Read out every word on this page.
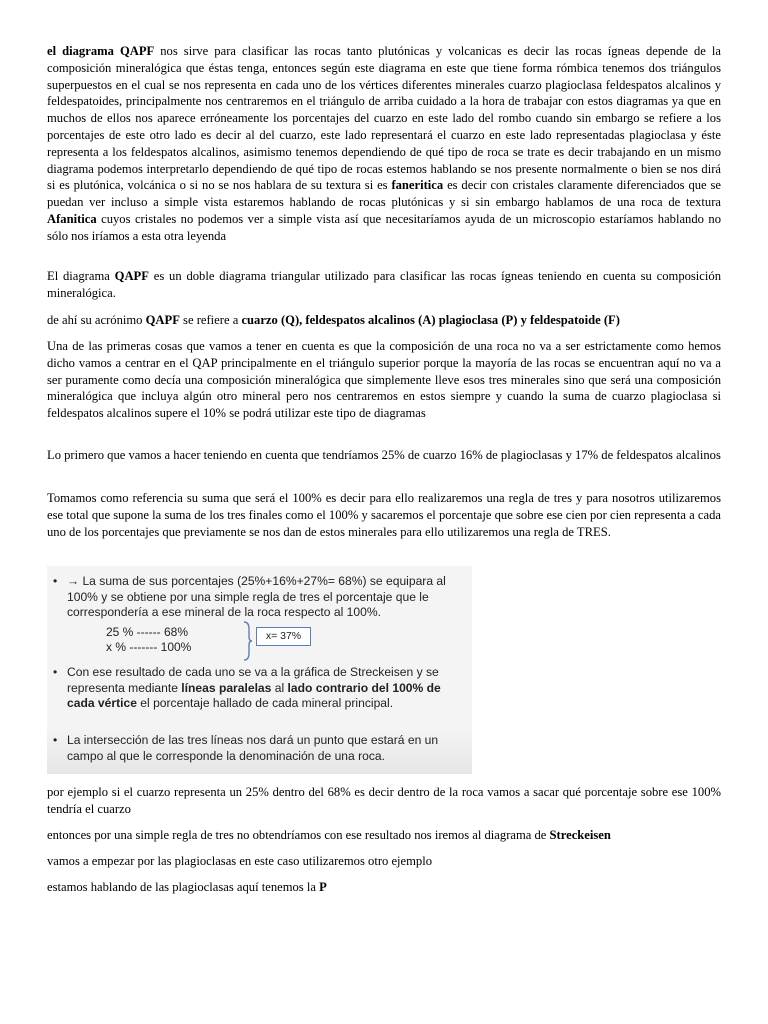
el diagrama QAPF nos sirve para clasificar las rocas tanto plutónicas y volcanicas es decir las rocas ígneas depende de la composición mineralógica que éstas tenga, entonces según este diagrama en este que tiene forma rómbica tenemos dos triángulos superpuestos en el cual se nos representa en cada uno de los vértices diferentes minerales cuarzo plagioclasa feldespatos alcalinos y feldespatoides, principalmente nos centraremos en el triángulo de arriba cuidado a la hora de trabajar con estos diagramas ya que en muchos de ellos nos aparece erróneamente los porcentajes del cuarzo en este lado del rombo cuando sin embargo se refiere a los porcentajes de este otro lado es decir al del cuarzo, este lado representará el cuarzo en este lado representadas plagioclasa y éste representa a los feldespatos alcalinos, asimismo tenemos dependiendo de qué tipo de roca se trate es decir trabajando en un mismo diagrama podemos interpretarlo dependiendo de qué tipo de rocas estemos hablando se nos presente normalmente o bien se nos dirá si es plutónica, volcánica o si no se nos hablara de su textura si es faneritica es decir con cristales claramente diferenciados que se puedan ver incluso a simple vista estaremos hablando de rocas plutónicas y si sin embargo hablamos de una roca de textura Afanitica cuyos cristales no podemos ver a simple vista así que necesitaríamos ayuda de un microscopio estaríamos hablando no sólo nos iríamos a esta otra leyenda
El diagrama QAPF es un doble diagrama triangular utilizado para clasificar las rocas ígneas teniendo en cuenta su composición mineralógica.
de ahí su acrónimo QAPF se refiere a cuarzo (Q), feldespatos alcalinos (A) plagioclasa (P) y feldespatoide (F)
Una de las primeras cosas que vamos a tener en cuenta es que la composición de una roca no va a ser estrictamente como hemos dicho vamos a centrar en el QAP principalmente en el triángulo superior porque la mayoría de las rocas se encuentran aquí no va a ser puramente como decía una composición mineralógica que simplemente lleve esos tres minerales sino que será una composición mineralógica que incluya algún otro mineral pero nos centraremos en estos siempre y cuando la suma de cuarzo plagioclasa si feldespatos alcalinos supere el 10% se podrá utilizar este tipo de diagramas
Lo primero que vamos a hacer teniendo en cuenta que tendríamos 25% de cuarzo 16% de plagioclasas y 17% de feldespatos alcalinos
Tomamos como referencia su suma que será el 100% es decir para ello realizaremos una regla de tres y para nosotros utilizaremos ese total que supone la suma de los tres finales como el 100% y sacaremos el porcentaje que sobre ese cien por cien representa a cada uno de los porcentajes que previamente se nos dan de estos minerales para ello utilizaremos una regla de TRES.
• → La suma de sus porcentajes (25%+16%+27%= 68%) se equipara al 100% y se obtiene por una simple regla de tres el porcentaje que le correspondería a ese mineral de la roca respecto al 100%.
25 % ------ 68%
x % ------- 100%
x= 37%
• Con ese resultado de cada uno se va a la gráfica de Streckeisen y se representa mediante líneas paralelas al lado contrario del 100% de cada vértice el porcentaje hallado de cada mineral principal.
• La intersección de las tres líneas nos dará un punto que estará en un campo al que le corresponde la denominación de una roca.
por ejemplo si el cuarzo representa un 25% dentro del 68% es decir dentro de la roca vamos a sacar qué porcentaje sobre ese 100% tendría el cuarzo
entonces por una simple regla de tres no obtendríamos con ese resultado nos iremos al diagrama de Streckeisen
vamos a empezar por las plagioclasas en este caso utilizaremos otro ejemplo
estamos hablando de las plagioclasas aquí tenemos la P
